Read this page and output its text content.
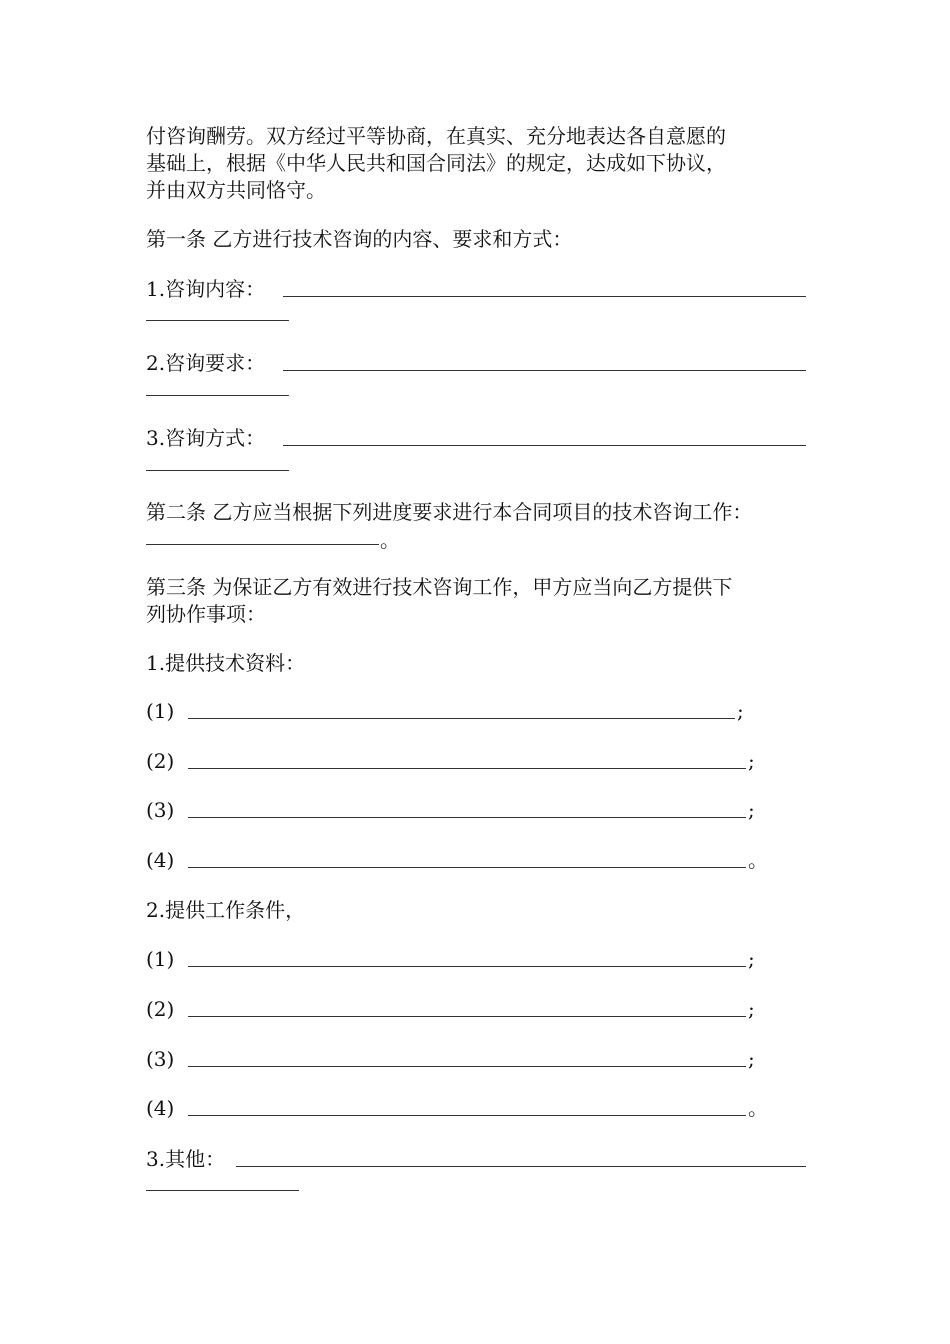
付咨询酬劳。双方经过平等协商，在真实、充分地表达各自意愿的
基础上，根据《中华人民共和国合同法》的规定，达成如下协议，
并由双方共同恪守。
第一条 乙方进行技术咨询的内容、要求和方式：
1.咨询内容：
2.咨询要求：
3.咨询方式：
第二条 乙方应当根据下列进度要求进行本合同项目的技术咨询工作：
。
第三条 为保证乙方有效进行技术咨询工作，甲方应当向乙方提供下
列协作事项：
1.提供技术资料：
(1)	;
(2)	;
(3)	;
(4)	。
2.提供工作条件，
(1)	;
(2)	;
(3)	;
(4)	。
3.其他：
